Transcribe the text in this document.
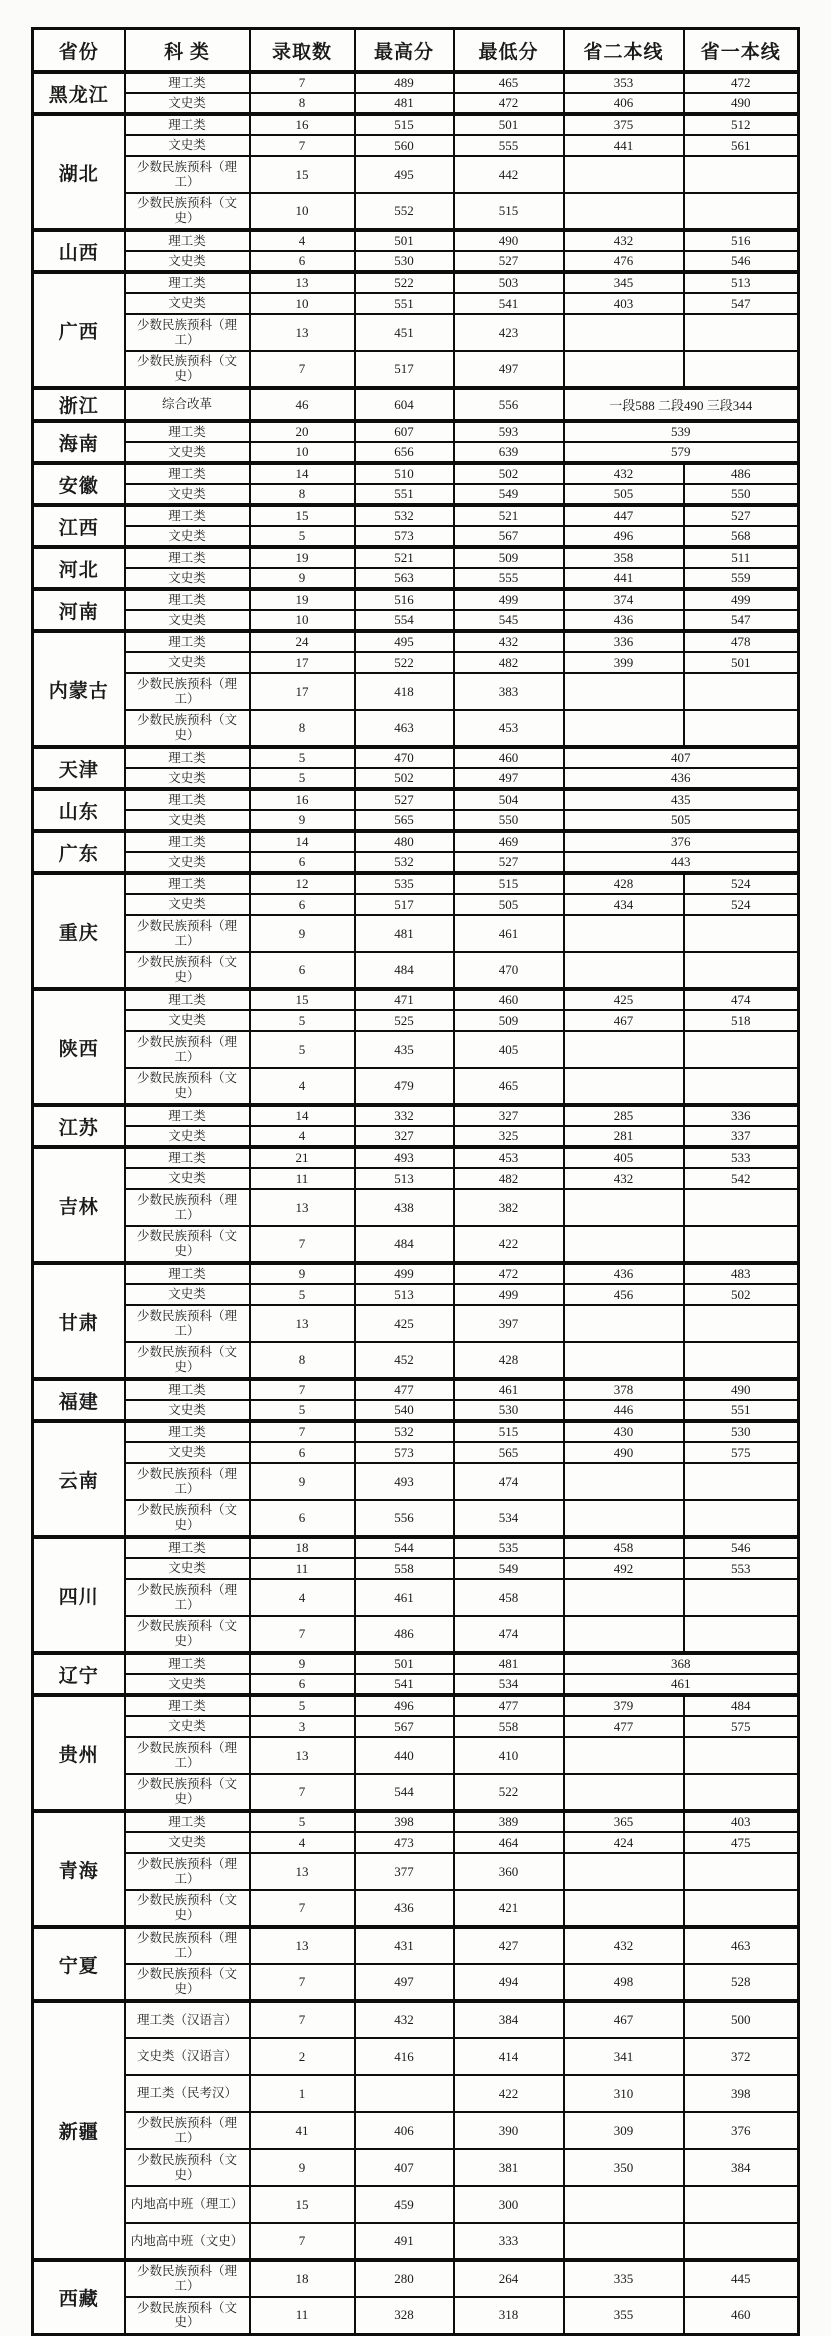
省份	科 类	录取数	最高分	最低分	省二本线	省一本线
黑龙江	理工类	7	489	465	353	472
	文史类	8	481	472	406	490
湖北	理工类	16	515	501	375	512
	文史类	7	560	555	441	561
	少数民族预科（理工）	15	495	442		
	少数民族预科（文史）	10	552	515		
山西	理工类	4	501	490	432	516
	文史类	6	530	527	476	546
广西	理工类	13	522	503	345	513
	文史类	10	551	541	403	547
	少数民族预科（理工）	13	451	423		
	少数民族预科（文史）	7	517	497		
浙江	综合改革	46	604	556	一段588 二段490 三段344	
海南	理工类	20	607	593	539	
	文史类	10	656	639	579	
安徽	理工类	14	510	502	432	486
	文史类	8	551	549	505	550
江西	理工类	15	532	521	447	527
	文史类	5	573	567	496	568
河北	理工类	19	521	509	358	511
	文史类	9	563	555	441	559
河南	理工类	19	516	499	374	499
	文史类	10	554	545	436	547
内蒙古	理工类	24	495	432	336	478
	文史类	17	522	482	399	501
	少数民族预科（理工）	17	418	383		
	少数民族预科（文史）	8	463	453		
天津	理工类	5	470	460	407	
	文史类	5	502	497	436	
山东	理工类	16	527	504	435	
	文史类	9	565	550	505	
广东	理工类	14	480	469	376	
	文史类	6	532	527	443	
重庆	理工类	12	535	515	428	524
	文史类	6	517	505	434	524
	少数民族预科（理工）	9	481	461		
	少数民族预科（文史）	6	484	470		
陕西	理工类	15	471	460	425	474
	文史类	5	525	509	467	518
	少数民族预科（理工）	5	435	405		
	少数民族预科（文史）	4	479	465		
江苏	理工类	14	332	327	285	336
	文史类	4	327	325	281	337
吉林	理工类	21	493	453	405	533
	文史类	11	513	482	432	542
	少数民族预科（理工）	13	438	382		
	少数民族预科（文史）	7	484	422		
甘肃	理工类	9	499	472	436	483
	文史类	5	513	499	456	502
	少数民族预科（理工）	13	425	397		
	少数民族预科（文史）	8	452	428		
福建	理工类	7	477	461	378	490
	文史类	5	540	530	446	551
云南	理工类	7	532	515	430	530
	文史类	6	573	565	490	575
	少数民族预科（理工）	9	493	474		
	少数民族预科（文史）	6	556	534		
四川	理工类	18	544	535	458	546
	文史类	11	558	549	492	553
	少数民族预科（理工）	4	461	458		
	少数民族预科（文史）	7	486	474		
辽宁	理工类	9	501	481	368	
	文史类	6	541	534	461	
贵州	理工类	5	496	477	379	484
	文史类	3	567	558	477	575
	少数民族预科（理工）	13	440	410		
	少数民族预科（文史）	7	544	522		
青海	理工类	5	398	389	365	403
	文史类	4	473	464	424	475
	少数民族预科（理工）	13	377	360		
	少数民族预科（文史）	7	436	421		
宁夏	少数民族预科（理工）	13	431	427	432	463
	少数民族预科（文史）	7	497	494	498	528
新疆	理工类（汉语言）	7	432	384	467	500
	文史类（汉语言）	2	416	414	341	372
	理工类（民考汉）	1		422	310	398
	少数民族预科（理工）	41	406	390	309	376
	少数民族预科（文史）	9	407	381	350	384
	内地高中班（理工）	15	459	300		
	内地高中班（文史）	7	491	333		
西藏	少数民族预科（理工）	18	280	264	335	445
	少数民族预科（文史）	11	328	318	355	460
